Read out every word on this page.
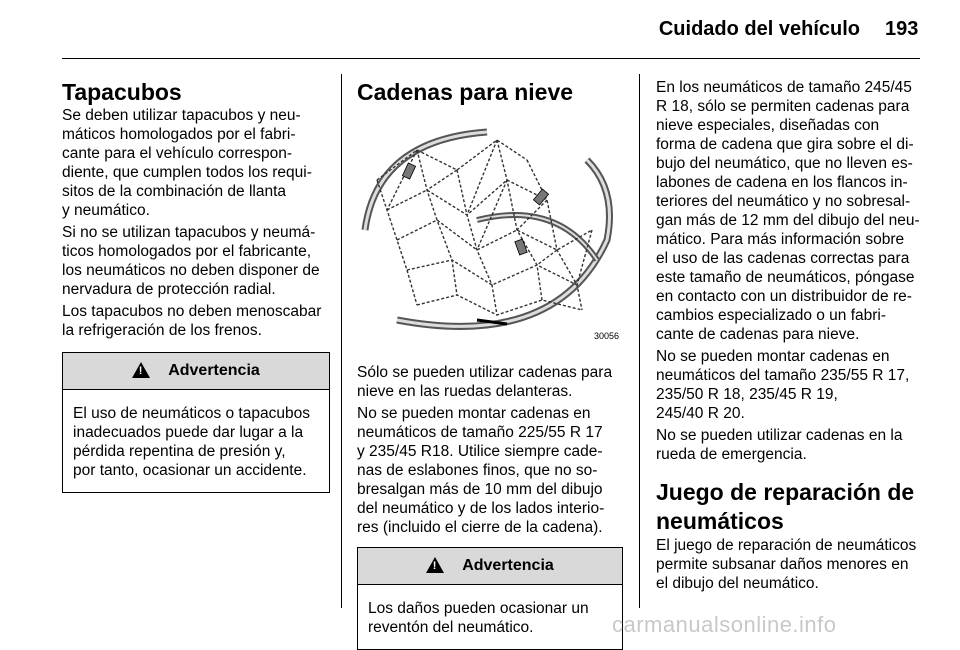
Cuidado del vehículo 193
Tapacubos

Se deben utilizar tapacubos y neu-
máticos homologados por el fabri-
cante para el vehículo correspon-
diente, que cumplen todos los requi-
sitos de la combinación de llanta
y neumático.

Si no se utilizan tapacubos y neumá-
ticos homologados por el fabricante,
los neumáticos no deben disponer de
nervadura de protección radial.

Los tapacubos no deben menoscabar
la refrigeración de los frenos.

!
Advertencia
El uso de neumáticos o tapacubos
inadecuados puede dar lugar a la
pérdida repentina de presión y,
por tanto, ocasionar un accidente.
Cadenas para nieve
30056

Sólo se pueden utilizar cadenas para
nieve en las ruedas delanteras.

No se pueden montar cadenas en
neumáticos de tamaño 225/55 R 17
y 235/45 R18. Utilice siempre cade-
nas de eslabones finos, que no so-
bresalgan más de 10 mm del dibujo
del neumático y de los lados interio-
res (incluido el cierre de la cadena).

!
Advertencia
Los daños pueden ocasionar un
reventón del neumático.

En los neumáticos de tamaño 245/45
R 18, sólo se permiten cadenas para
nieve especiales, diseñadas con
forma de cadena que gira sobre el di-
bujo del neumático, que no lleven es-
labones de cadena en los flancos in-
teriores del neumático y no sobresal-
gan más de 12 mm del dibujo del neu-
mático. Para más información sobre
el uso de las cadenas correctas para
este tamaño de neumáticos, póngase
en contacto con un distribuidor de re-
cambios especializado o un fabri-
cante de cadenas para nieve.

No se pueden montar cadenas en
neumáticos del tamaño 235/55 R 17,
235/50 R 18, 235/45 R 19,
245/40 R 20.

No se pueden utilizar cadenas en la
rueda de emergencia.

Juego de reparación de
neumáticos

El juego de reparación de neumáticos
permite subsanar daños menores en
el dibujo del neumático.

carmanualsonline.info
